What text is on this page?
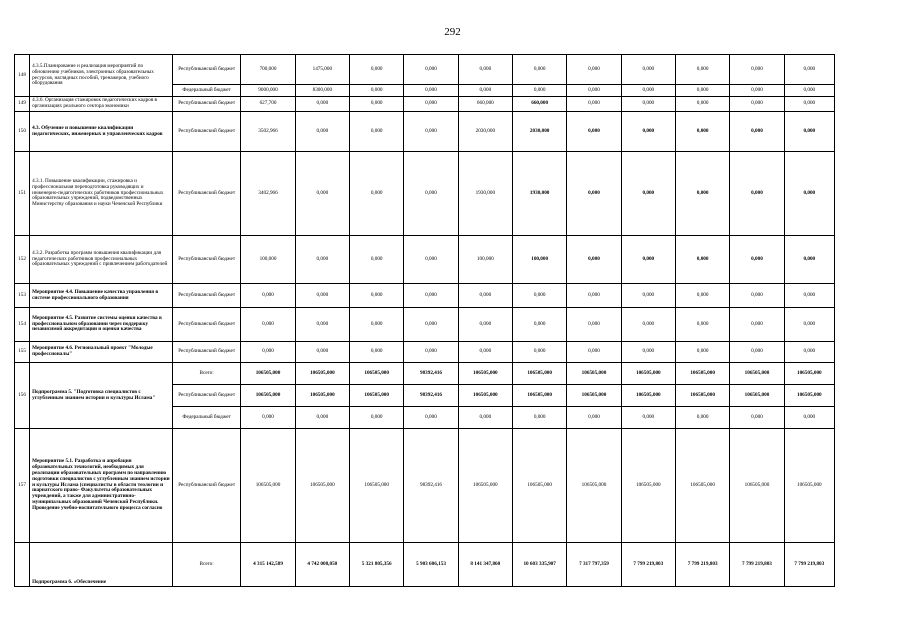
292
148	4.3.5.Планирование и реализация мероприятий по обновлению учебников, электронных образовательных ресурсов, наглядных пособий, тренажеров, учебного оборудования	Республиканский бюджет	700,000	1475,000	0,000	0,000	0,000	0,000	0,000	0,000	0,000	0,000	0,000
		Федеральный бюджет	9000,000	8300,000	0,000	0,000	0,000	0,000	0,000	0,000	0,000	0,000	0,000
149	4.3.6. Организация стажировок педагогических кадров в организациях реального сектора экономики	Республиканский бюджет	627,700	0,000	0,000	0,000	660,000	660,000	0,000	0,000	0,000	0,000	0,000
150	4.3. Обучение и повышение квалификации педагогических, инженерных и управленческих кадров	Республиканский бюджет	3502,966	0,000	0,000	0,000	2030,000	2030,000	0,000	0,000	0,000	0,000	0,000
151	4.3.1. Повышение квалификации, стажировка и профессиональная переподготовка руководящих и инженерно-педагогических работников профессиональных образовательных учреждений, подведомственных Министерству образования и науки Чеченской Республики	Республиканский бюджет	3402,966	0,000	0,000	0,000	1930,000	1930,000	0,000	0,000	0,000	0,000	0,000
152	4.3.2. Разработка программ повышения квалификации для педагогических работников профессиональных образовательных учреждений с привлечением работодателей	Республиканский бюджет	100,000	0,000	0,000	0,000	100,000	100,000	0,000	0,000	0,000	0,000	0,000
153	Мероприятие 4.4. Повышение качества управления в системе профессионального образования	Республиканский бюджет	0,000	0,000	0,000	0,000	0,000	0,000	0,000	0,000	0,000	0,000	0,000
154	Мероприятие 4.5. Развитие системы оценки качества в профессиональном образовании через поддержку независимой аккредитации и оценки качества	Республиканский бюджет	0,000	0,000	0,000	0,000	0,000	0,000	0,000	0,000	0,000	0,000	0,000
155	Мероприятие 4.6. Региональный проект "Молодые профессионалы"	Республиканский бюджет	0,000	0,000	0,000	0,000	0,000	0,000	0,000	0,000	0,000	0,000	0,000
156	Подпрограмма 5. "Подготовка специалистов с углубленным знанием истории и культуры Ислама"	Всего:	106505,000	106505,000	106505,000	98392,416	106505,000	106505,000	106505,000	106505,000	106505,000	106505,000	106505,000
		Республиканский бюджет	106505,000	106505,000	106505,000	98392,416	106505,000	106505,000	106505,000	106505,000	106505,000	106505,000	106505,000
		Федеральный бюджет	0,000	0,000	0,000	0,000	0,000	0,000	0,000	0,000	0,000	0,000	0,000
157	Мероприятие 5.1. Разработка и апробация образовательных технологий, необходимых для реализации образовательных программ по направлению подготовки специалистов с углубленным знанием истории и культуры Ислама (специалисты в области теологии и шариатского право- Факультеты образовательных учреждений, а также для административно-муниципальных образований Чеченской Республики. Проведение учебно-воспитательного процесса согласно	Республиканский бюджет	106505,000	106505,000	106505,000	98392,416	106505,000	106505,000	106505,000	106505,000	106505,000	106505,000	106505,000
	Подпрограмма 6. «Обеспечение	Всего:	4 315 142,589	4 742 008,050	5 321 805,356	5 903 606,153	8 141 347,860	10 603 335,907	7 317 797,359	7 799 219,803	7 799 219,803	7 799 219,803	7 799 219,803
